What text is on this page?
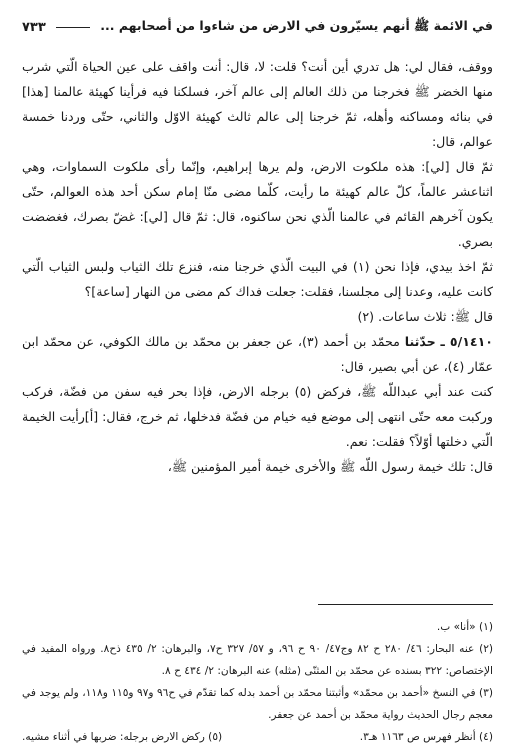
في الائمة ﷺ أنهم يسيّرون في الارض من شاءوا من أصحابهم ...
٧٣٣

ووقف، فقال لي: هل تدري أين أنت؟ قلت: لا، قال: أنت واقف على عين الحياة الّتي شرب منها الخضر ﷺ فخرجنا من ذلك العالم إلى عالم آخر، فسلكنا فيه فرأينا كهيئة عالمنا [هذا] في بنائه ومساكنه وأهله، ثمّ خرجنا إلى عالم ثالث كهيئة الاوّل والثاني، حتّى وردنا خمسة عوالم، قال:

ثمّ قال [لي]: هذه ملكوت الارض، ولم يرها إبراهيم، وإنّما رأى ملكوت السماوات، وهي اثناعشر عالماً، كلّ عالم كهيئة ما رأيت، كلّما مضى منّا إمام سكن أحد هذه العوالم، حتّى يكون آخرهم القائم في عالمنا الّذي نحن ساكنوه، قال: ثمّ قال [لي]: غضّ بصرك، فغضضت بصري.

ثمّ اخذ بيدي، فإذا نحن (١) في البيت الّذي خرجنا منه، فنزع تلك الثياب ولبس الثياب الّتي كانت عليه، وعدنا إلى مجلسنا، فقلت: جعلت فداك كم مضى من النهار [ساعة]؟

قال ﷺ: ثلاث ساعات. (٢)

٥/١٤١٠ ـ حدّثنا محمّد بن أحمد (٣)، عن جعفر بن محمّد بن مالك الكوفي، عن محمّد ابن عمّار (٤)، عن أبي بصير، قال:

كنت عند أبي عبداللّه ﷺ، فركض (٥) برجله الارض، فإذا بحر فيه سفن من فضّة، فركب وركبت معه حتّى انتهى إلى موضع فيه خيام من فضّة فدخلها، ثم خرج، فقال: [أ]رأيت الخيمة الّتي دخلتها أوّلاً؟ فقلت: نعم.

قال: تلك خيمة رسول اللّه ﷺ والأخرى خيمة أمير المؤمنين ﷺ،

(١) «أنا» ب.

(٢) عنه البحار: ٤٦/ ٢٨٠ ح ٨٢ وج٤٧/ ٩٠ ح ٩٦، و ٥٧/ ٣٢٧ ح٧، والبرهان: ٢/ ٤٣٥ ذح٨. ورواه المفيد في الإختصاص: ٣٢٢ بسنده عن محمّد بن المثنّى (مثله) عنه البرهان: ٢/ ٤٣٤ ح ٨.

(٣) في النسخ «أحمد بن محمّد» وأثبتنا محمّد بن أحمد بدله كما تقدّم في ح٩٦ و٩٧ و١١٥ و١١٨، ولم يوجد في معجم رجال الحديث رواية محمّد بن أحمد عن جعفر.

(٤) أنظر فهرس ص ١١٦٣ هـ٣.
(٥) ركض الارض برجله: ضربها في أثناء مشيه.
